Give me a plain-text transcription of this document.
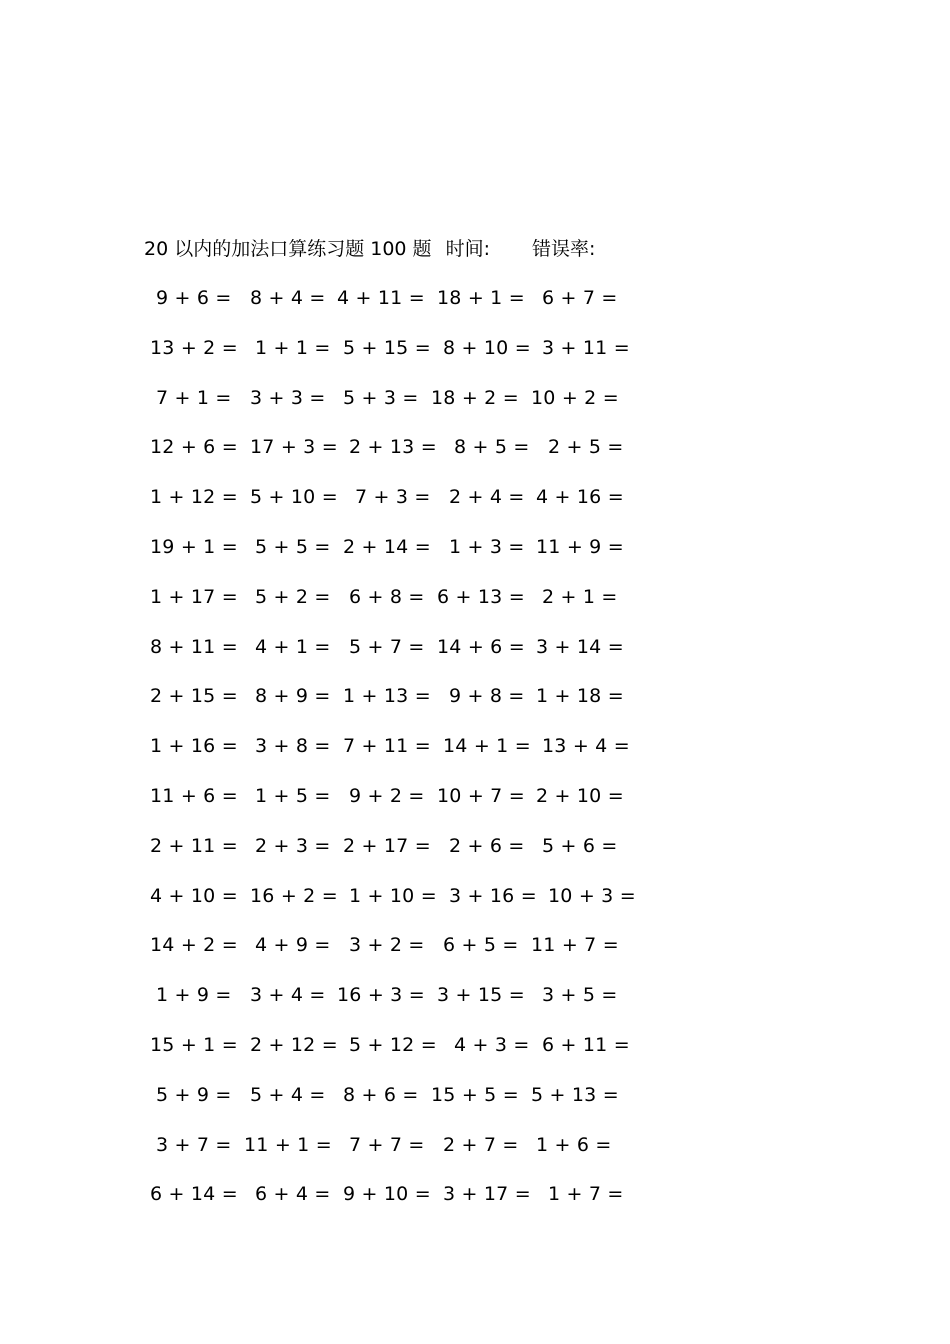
20 以内的加法口算练习题 100 题 时间: 错误率:
9 + 6 = 8 + 4 = 4 + 11 = 18 + 1 = 6 + 7 =
13 + 2 = 1 + 1 = 5 + 15 = 8 + 10 = 3 + 11 =
7 + 1 = 3 + 3 = 5 + 3 = 18 + 2 = 10 + 2 =
12 + 6 = 17 + 3 = 2 + 13 = 8 + 5 = 2 + 5 =
1 + 12 = 5 + 10 = 7 + 3 = 2 + 4 = 4 + 16 =
19 + 1 = 5 + 5 = 2 + 14 = 1 + 3 = 11 + 9 =
1 + 17 = 5 + 2 = 6 + 8 = 6 + 13 = 2 + 1 =
8 + 11 = 4 + 1 = 5 + 7 = 14 + 6 = 3 + 14 =
2 + 15 = 8 + 9 = 1 + 13 = 9 + 8 = 1 + 18 =
1 + 16 = 3 + 8 = 7 + 11 = 14 + 1 = 13 + 4 =
11 + 6 = 1 + 5 = 9 + 2 = 10 + 7 = 2 + 10 =
2 + 11 = 2 + 3 = 2 + 17 = 2 + 6 = 5 + 6 =
4 + 10 = 16 + 2 = 1 + 10 = 3 + 16 = 10 + 3 =
14 + 2 = 4 + 9 = 3 + 2 = 6 + 5 = 11 + 7 =
1 + 9 = 3 + 4 = 16 + 3 = 3 + 15 = 3 + 5 =
15 + 1 = 2 + 12 = 5 + 12 = 4 + 3 = 6 + 11 =
5 + 9 = 5 + 4 = 8 + 6 = 15 + 5 = 5 + 13 =
3 + 7 = 11 + 1 = 7 + 7 = 2 + 7 = 1 + 6 =
6 + 14 = 6 + 4 = 9 + 10 = 3 + 17 = 1 + 7 =
